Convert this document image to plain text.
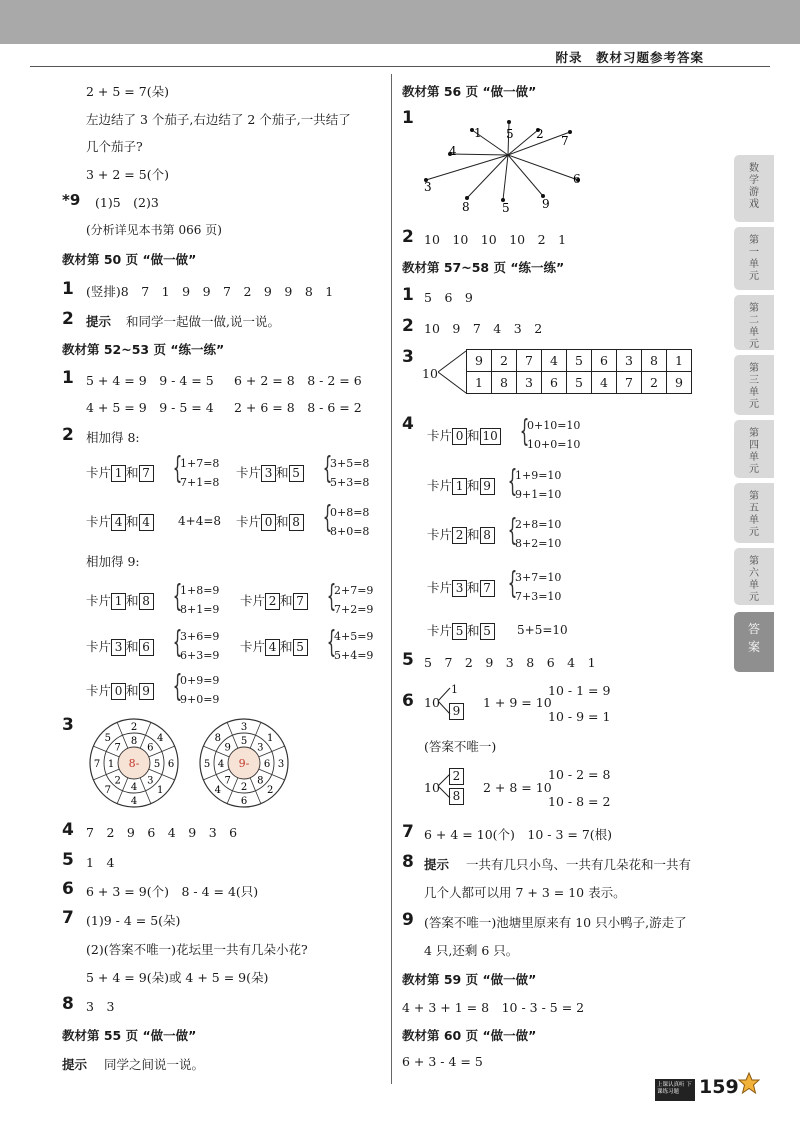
附录　教材习题参考答案
数学游戏
第一单元
第二单元
第三单元
第四单元
第五单元
第六单元
答案
2 + 5 = 7(朵)
左边结了 3 个茄子,右边结了 2 个茄子,一共结了
几个茄子?
3 + 2 = 5(个)
*9 (1)5　(2)3
(分析详见本书第 066 页)
教材第 50 页 “做一做”
1 (竖排)8　7　1　9　9　7　2　9　9　8　1
2 提示 和同学一起做一做,说一说。
教材第 52~53 页 “练一练”
1 5 + 4 = 9　9 - 4 = 5 6 + 2 = 8　8 - 2 = 6
4 + 5 = 9　9 - 5 = 4 2 + 6 = 8　8 - 6 = 2
2 相加得 8:
卡片 1 和 7 {
1+7=8
7+1=8
卡片 3 和 5 {
3+5=8
5+3=8
卡片 4 和 4	4+4=8 卡片 0 和 8 {
0+8=8
8+0=8
相加得 9:
卡片 1 和 8 {
1+8=9
8+1=9
卡片 2 和 7 {
2+7=9
7+2=9
卡片 3 和 6 {
3+6=9
6+3=9
卡片 4 和 5 {
4+5=9
5+4=9
卡片 0 和 9 {
0+9=9
9+0=9
3
8-
8
2
6
4
5 6
3
1
4
4
2
7
1
7
7
5
9-
5
3
3
1
6 3
8
2
2
6
7
4
4
5
9
8
4 7　2　9　6　4　9　3　6
5 1　4
6 6 + 3 = 9(个)　8 - 4 = 4(只)
7 (1)9 - 4 = 5(朵)
(2)(答案不唯一)花坛里一共有几朵小花?
5 + 4 = 9(朵)或 4 + 5 = 9(朵)
8 3　3
教材第 55 页 “做一做”
提示 同学之间说一说。
教材第 56 页 “做一做”
1
1 5 2 7
4
6
3
8	5	9
2 10　10　10　10　2　1
教材第 57~58 页 “练一练”
1 5　6　9
2 10　9　7　4　3　2
3
10
9	2	7	4	5	6	3	8	1
1	8	3	6	5	4	7	2	9
4
卡片 0 和 10 {
0+10=10
10+0=10
卡片 1 和 9 {
1+9=10
9+1=10
卡片 2 和 8 {
2+8=10
8+2=10
卡片 3 和 7 {
3+7=10
7+3=10
卡片 5 和 5	5+5=10
5 5　7　2　9　3　8　6　4　1
6 10
1
9
1 + 9 = 10
10 - 1 = 9
10 - 9 = 1
(答案不唯一)
10
2
8
2 + 8 = 10
10 - 2 = 8
10 - 8 = 2
7 6 + 4 = 10(个)　10 - 3 = 7(根)
8 提示 一共有几只小鸟、一共有几朵花和一共有
几个人都可以用 7 + 3 = 10 表示。
9 (答案不唯一)池塘里原来有 10 只小鸭子,游走了
4 只,还剩 6 只。
教材第 59 页 “做一做”
4 + 3 + 1 = 8　10 - 3 - 5 = 2
教材第 60 页 “做一做”
6 + 3 - 4 = 5
上课认真听 下课练习题	159
